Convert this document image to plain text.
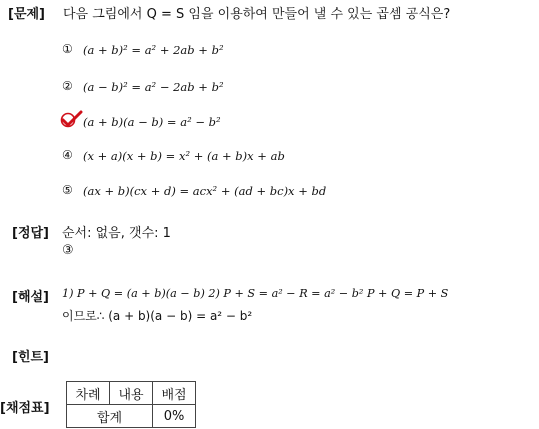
[문제] 다음 그림에서 Q = S 임을 이용하여 만들어 낼 수 있는 곱셈 공식은?
① (a + b)² = a² + 2ab + b²
② (a − b)² = a² − 2ab + b²
(a + b)(a − b) = a² − b²
④ (x + a)(x + b) = x² + (a + b)x + ab
⑤ (ax + b)(cx + d) = acx² + (ad + bc)x + bd
[정답] 순서: 없음, 갯수: 1
③
[해설] 1) P + Q = (a + b)(a − b) 2) P + S = a² − R = a² − b² P + Q = P + S
이므로∴ (a + b)(a − b) = a² − b²
[힌트]
[채점표]
차례	내용	배점
합계		0%
